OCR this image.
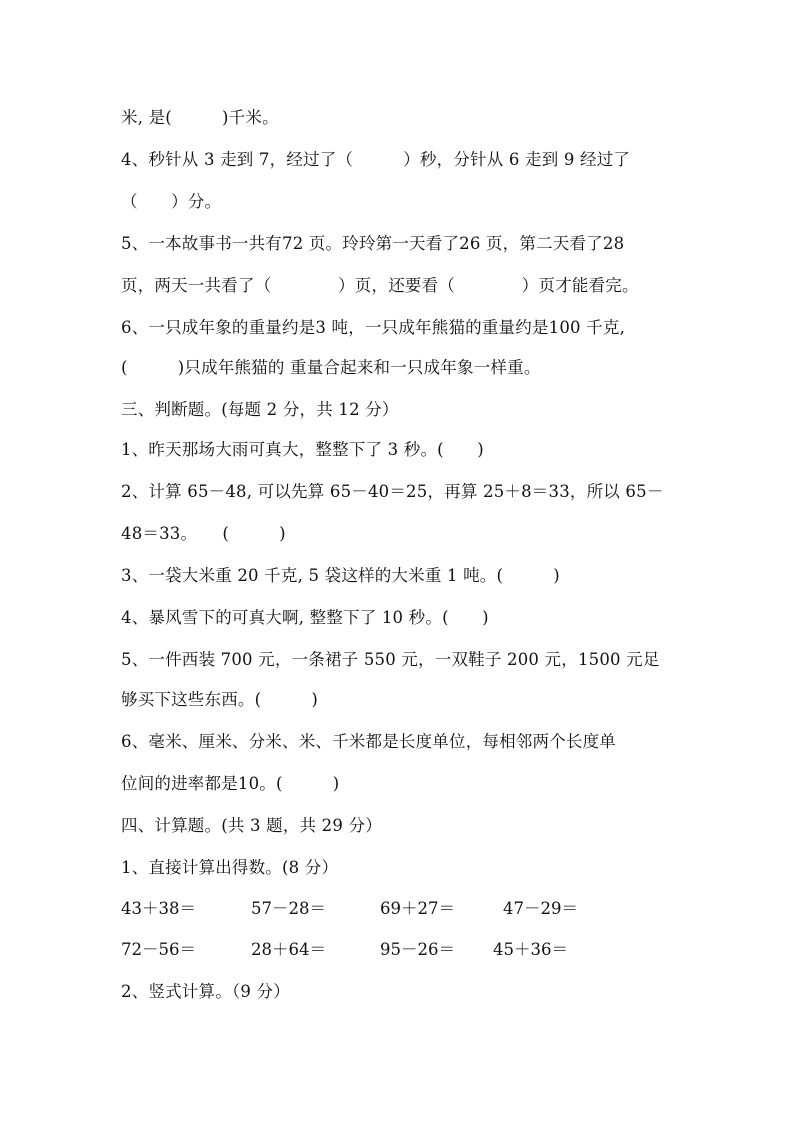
米, 是(　　　)千米。
4、秒针从 3 走到 7，经过了（　　　）秒，分针从 6 走到 9 经过了
（　　）分。
5、一本故事书一共有72 页。玲玲第一天看了26 页，第二天看了28
页，两天一共看了（　　　　）页，还要看（　　　　）页才能看完。
6、一只成年象的重量约是3 吨，一只成年熊猫的重量约是100 千克,
(　　　)只成年熊猫的 重量合起来和一只成年象一样重。
三、判断题。(每题 2 分，共 12 分）
1、昨天那场大雨可真大，整整下了 3 秒。(　　)
2、计算 65－48, 可以先算 65－40＝25，再算 25＋8＝33，所以 65－
48＝33。　　(　　　)
3、一袋大米重 20 千克, 5 袋这样的大米重 1 吨。(　　　)
4、暴风雪下的可真大啊, 整整下了 10 秒。(　　)
5、一件西装 700 元，一条裙子 550 元，一双鞋子 200 元，1500 元足
够买下这些东西。(　　　)
6、毫米、厘米、分米、米、千米都是长度单位，每相邻两个长度单
位间的进率都是10。(　　　)
四、计算题。(共 3 题，共 29 分）
1、直接计算出得数。(8 分）
43＋38＝	57－28＝	69＋27＝	47－29＝
72－56＝	28＋64＝	95－26＝ 45＋36＝
2、竖式计算。（9 分）
